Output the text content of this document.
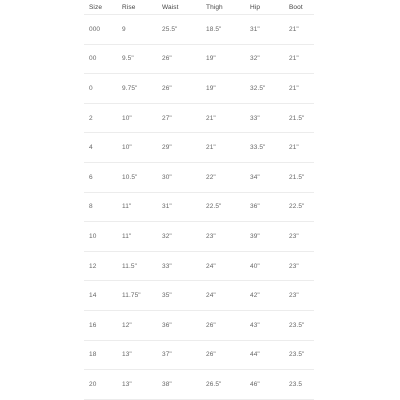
Size	Rise	Waist	Thigh	Hip	Boot
000	9	25.5"	18.5"	31"	21"
00	9.5"	26"	19"	32"	21"
0	9.75"	26"	19"	32.5"	21"
2	10"	27"	21"	33"	21.5"
4	10"	29"	21"	33.5"	21"
6	10.5"	30"	22"	34"	21.5"
8	11"	31"	22.5"	36"	22.5"
10	11"	32"	23"	39"	23"
12	11.5"	33"	24"	40"	23"
14	11.75"	35"	24"	42"	23"
16	12"	36"	26"	43"	23.5"
18	13"	37"	26"	44"	23.5"
20	13"	38"	26.5"	46"	23.5
